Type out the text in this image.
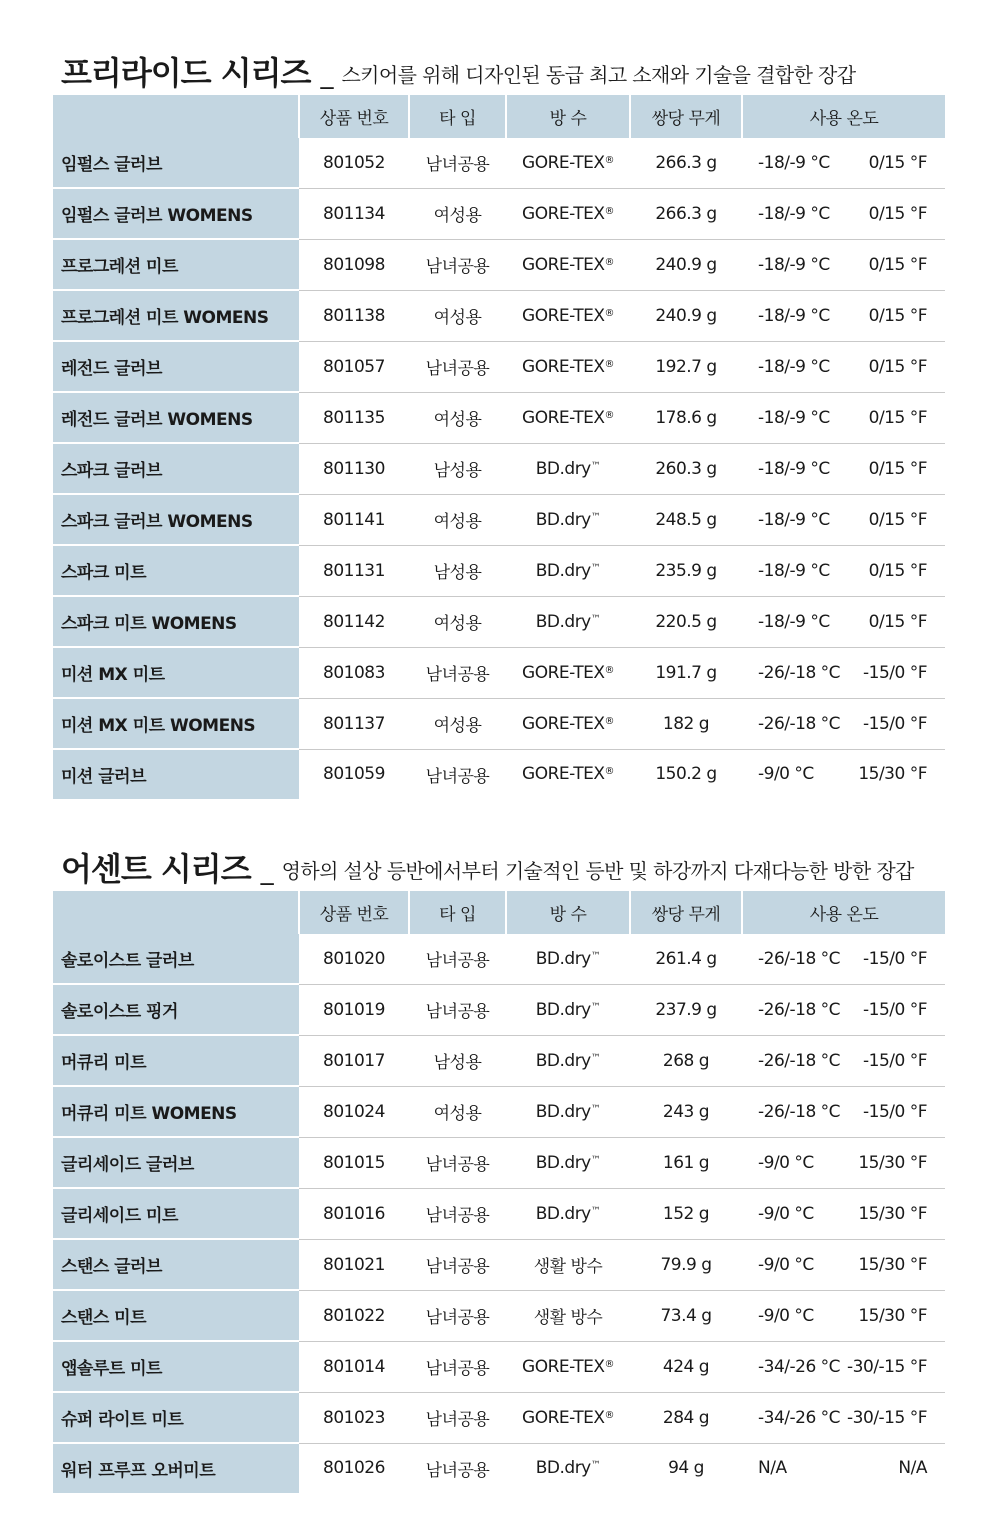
프리라이드 시리즈 _ 스키어를 위해 디자인된 동급 최고 소재와 기술을 결합한 장갑
	상품 번호	타 입	방 수	쌍당 무게	사용 온도
임펄스 글러브	801052	남녀공용	GORE-TEX®	266.3 g	-18/-9 °C 0/15 °F

임펄스 글러브 WOMENS	801134	여성용	GORE-TEX®	266.3 g	-18/-9 °C 0/15 °F

프로그레션 미트	801098	남녀공용	GORE-TEX®	240.9 g	-18/-9 °C 0/15 °F

프로그레션 미트 WOMENS	801138	여성용	GORE-TEX®	240.9 g	-18/-9 °C 0/15 °F

레전드 글러브	801057	남녀공용	GORE-TEX®	192.7 g	-18/-9 °C 0/15 °F

레전드 글러브 WOMENS	801135	여성용	GORE-TEX®	178.6 g	-18/-9 °C 0/15 °F

스파크 글러브	801130	남성용	BD.dry™	260.3 g	-18/-9 °C 0/15 °F

스파크 글러브 WOMENS	801141	여성용	BD.dry™	248.5 g	-18/-9 °C 0/15 °F

스파크 미트	801131	남성용	BD.dry™	235.9 g	-18/-9 °C 0/15 °F

스파크 미트 WOMENS	801142	여성용	BD.dry™	220.5 g	-18/-9 °C 0/15 °F

미션 MX 미트	801083	남녀공용	GORE-TEX®	191.7 g	-26/-18 °C -15/0 °F

미션 MX 미트 WOMENS	801137	여성용	GORE-TEX®	182 g	-26/-18 °C -15/0 °F

미션 글러브	801059	남녀공용	GORE-TEX®	150.2 g	-9/0 °C 15/30 °F
어센트 시리즈 _ 영하의 설상 등반에서부터 기술적인 등반 및 하강까지 다재다능한 방한 장갑
	상품 번호	타 입	방 수	쌍당 무게	사용 온도
솔로이스트 글러브	801020	남녀공용	BD.dry™	261.4 g	-26/-18 °C -15/0 °F

솔로이스트 핑거	801019	남녀공용	BD.dry™	237.9 g	-26/-18 °C -15/0 °F

머큐리 미트	801017	남성용	BD.dry™	268 g	-26/-18 °C -15/0 °F

머큐리 미트 WOMENS	801024	여성용	BD.dry™	243 g	-26/-18 °C -15/0 °F

글리세이드 글러브	801015	남녀공용	BD.dry™	161 g	-9/0 °C 15/30 °F

글리세이드 미트	801016	남녀공용	BD.dry™	152 g	-9/0 °C 15/30 °F

스탠스 글러브	801021	남녀공용	생활 방수	79.9 g	-9/0 °C 15/30 °F

스탠스 미트	801022	남녀공용	생활 방수	73.4 g	-9/0 °C 15/30 °F

앱솔루트 미트	801014	남녀공용	GORE-TEX®	424 g	-34/-26 °C -30/-15 °F

슈퍼 라이트 미트	801023	남녀공용	GORE-TEX®	284 g	-34/-26 °C -30/-15 °F

워터 프루프 오버미트	801026	남녀공용	BD.dry™	94 g	N/A N/A
